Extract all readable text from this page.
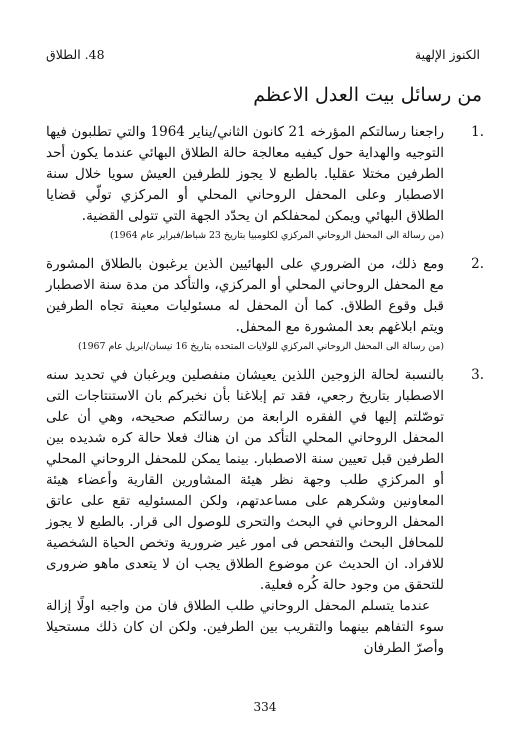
الكنوز الإلهية
48. الطلاق
من رسائل بيت العدل الاعظم
1.

راجعنا رسالتكم المؤرخه 21 كانون الثاني/يناير 1964 والتي تطلبون فيها التوجيه والهداية حول كيفيه معالجة حالة الطلاق البهائي عندما يكون أحد الطرفين مختلا عقليا. بالطبع لا يجوز للطرفين العيش سويا خلال سنة الاصطبار وعلى المحفل الروحاني المحلي أو المركزي تولّي قضايا الطلاق البهائي ويمكن لمحفلكم ان يحدّد الجهة التي تتولى القضية.

(من رسالة الى المحفل الروحاني المركزي لكلومبيا بتاريخ 23 شباط/فبراير عام 1964)
2.

ومع ذلك، من الضروري على البهائيين الذين يرغبون بالطلاق المشورة مع المحفل الروحاني المحلي أو المركزي، والتأكد من مدة سنة الاصطبار قبل وقوع الطلاق. كما أن المحفل له مسئوليات معينة تجاه الطرفين ويتم ابلاغهم بعد المشورة مع المحفل.

(من رسالة الى المحفل الروحاني المركزي للولايات المتحده بتاريخ 16 نيسان/ابريل عام 1967)
3.

بالنسبة لحالة الزوجين اللذين يعيشان منفصلين ويرغبان في تحديد سنه الاصطبار بتاريخ رجعي، فقد تم إبلاغنا بأن نخبركم بان الاستنتاجات التى توصّلتم إليها في الفقره الرابعة من رسالتكم صحيحه، وهي أن على المحفل الروحاني المحلي التأكد من ان هناك فعلا حالة كره شديده بين الطرفين قبل تعيين سنة الاصطبار. بينما يمكن للمحفل الروحاني المحلي أو المركزي طلب وجهة نظر هيئة المشاورين القارية وأعضاء هيئة المعاونين وشكرهم على مساعدتهم، ولكن المسئوليه تقع على عاتق المحفل الروحاني في البحث والتحرى للوصول الى قرار. بالطبع لا يجوز للمحافل البحث والتفحص فى امور غير ضرورية وتخص الحياة الشخصية للافراد. ان الحديث عن موضوع الطلاق يجب ان لا يتعدى ماهو ضرورى للتحقق من وجود حالة كُره فعلية.

عندما يتسلم المحفل الروحاني طلب الطلاق فان من واجبه اولًا إزالة سوء التفاهم بينهما والتقريب بين الطرفين. ولكن ان كان ذلك مستحيلا وأصرّ الطرفان

334
